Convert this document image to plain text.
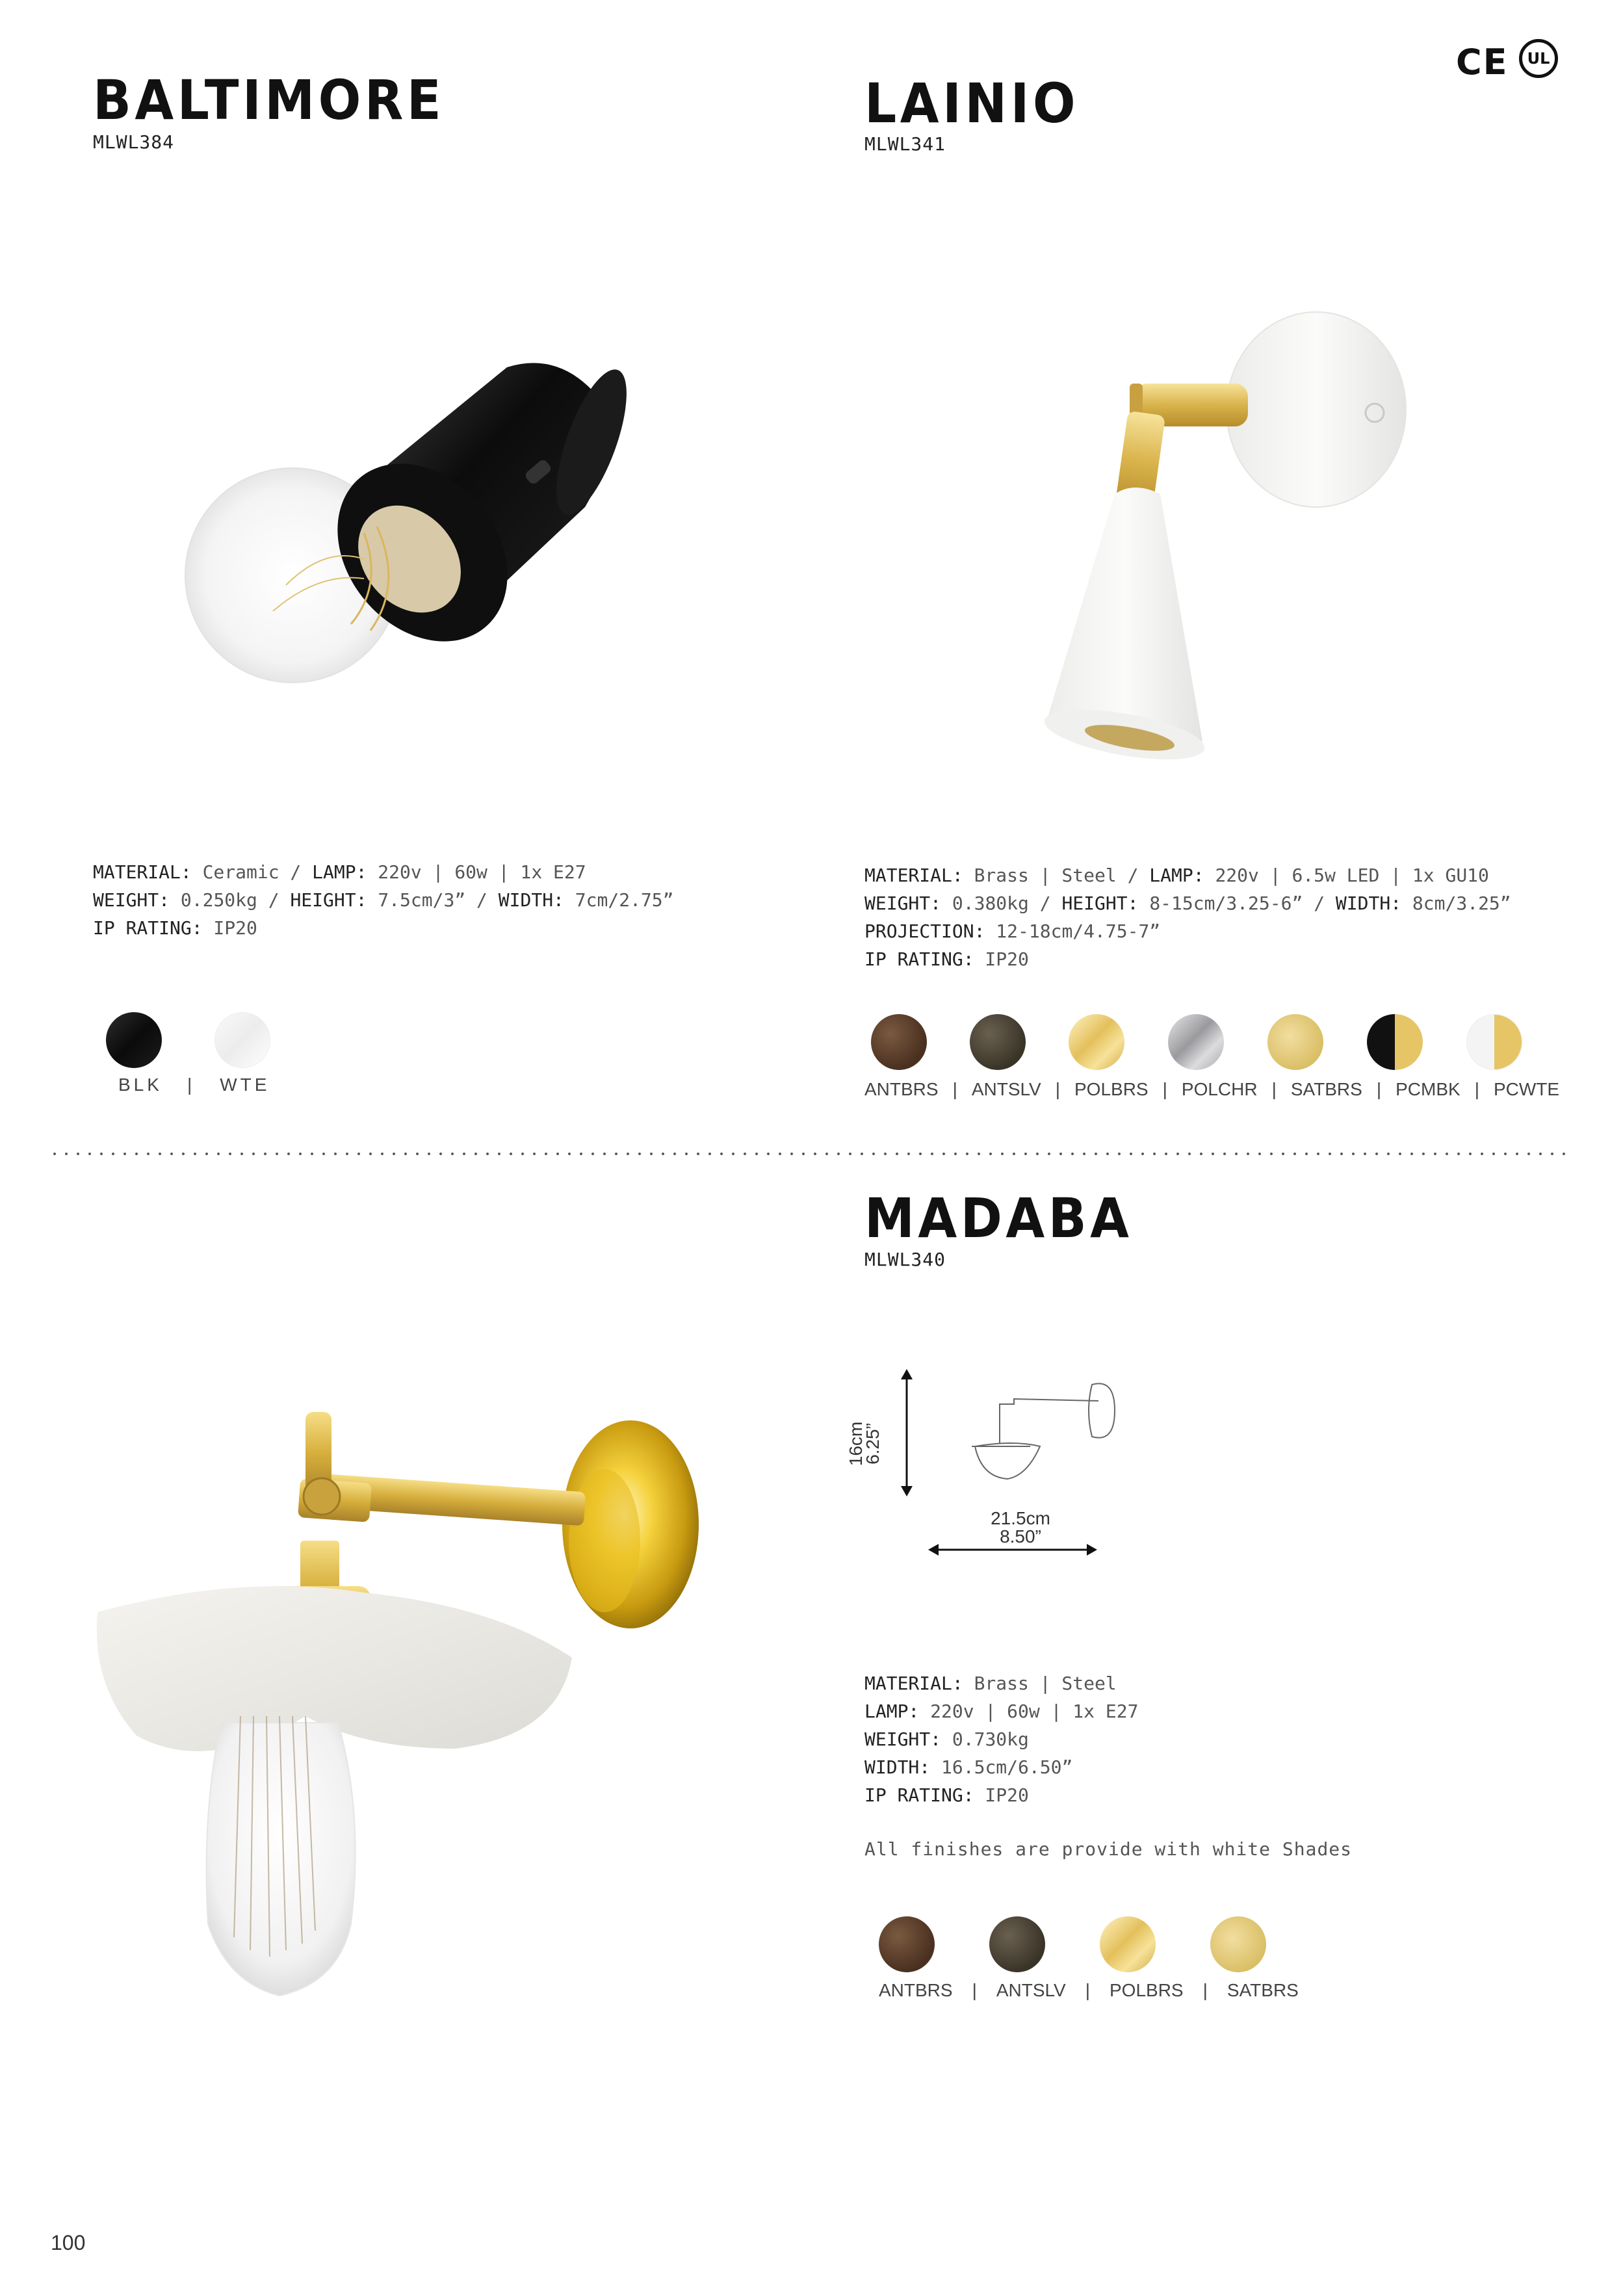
CE UL
BALTIMORE
MLWL384
MATERIAL: Ceramic / LAMP: 220v | 60w | 1x E27
WEIGHT: 0.250kg / HEIGHT: 7.5cm/3” / WIDTH: 7cm/2.75”
IP RATING: IP20
BLK	|	WTE
LAINIO
MLWL341
MATERIAL: Brass | Steel / LAMP: 220v | 6.5w LED | 1x GU10
WEIGHT: 0.380kg / HEIGHT: 8-15cm/3.25-6” / WIDTH: 8cm/3.25”
PROJECTION: 12-18cm/4.75-7”
IP RATING: IP20
ANTBRS | ANTSLV | POLBRS | POLCHR | SATBRS | PCMBK | PCWTE
MADABA
MLWL340
16cm
6.25”
21.5cm
8.50”
MATERIAL: Brass | Steel
LAMP: 220v | 60w | 1x E27
WEIGHT: 0.730kg
WIDTH: 16.5cm/6.50”
IP RATING: IP20
All finishes are provide with white Shades
ANTBRS	|	ANTSLV	|	POLBRS	|	SATBRS
100
